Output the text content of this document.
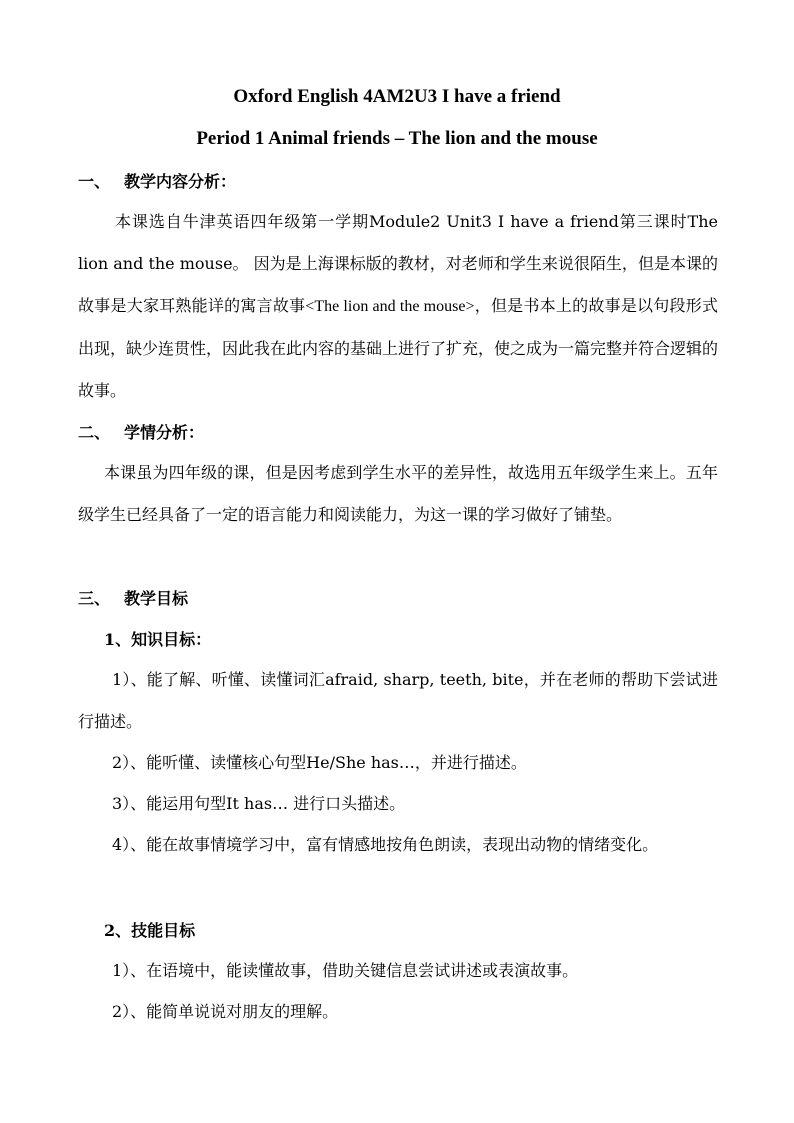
Oxford English 4AM2U3 I have a friend
Period 1 Animal friends – The lion and the mouse
一、 教学内容分析：
本课选自牛津英语四年级第一学期Module2 Unit3 I have a friend第三课时The lion and the mouse。 因为是上海课标版的教材，对老师和学生来说很陌生，但是本课的故事是大家耳熟能详的寓言故事<The lion and the mouse>，但是书本上的故事是以句段形式出现，缺少连贯性，因此我在此内容的基础上进行了扩充，使之成为一篇完整并符合逻辑的故事。
二、 学情分析：
本课虽为四年级的课，但是因考虑到学生水平的差异性，故选用五年级学生来上。五年级学生已经具备了一定的语言能力和阅读能力，为这一课的学习做好了铺垫。
三、 教学目标
1、知识目标：
1）、能了解、听懂、读懂词汇afraid, sharp, teeth, bite，并在老师的帮助下尝试进行描述。
2）、能听懂、读懂核心句型He/She has…，并进行描述。
3）、能运用句型It has… 进行口头描述。
4）、能在故事情境学习中，富有情感地按角色朗读，表现出动物的情绪变化。
2、技能目标
1）、在语境中，能读懂故事，借助关键信息尝试讲述或表演故事。
2）、能简单说说对朋友的理解。
